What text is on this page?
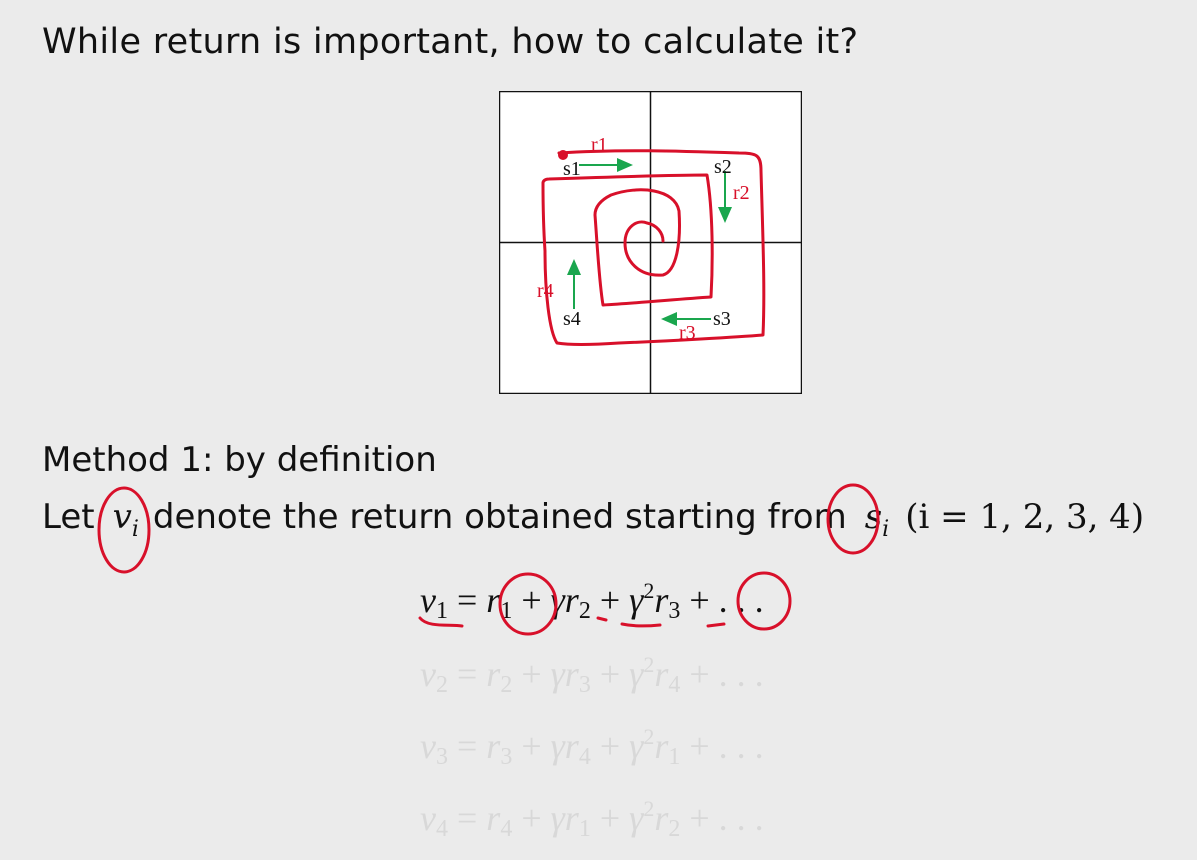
While return is important, how to calculate it?
s1	s2
s3
s4
r1
r2
r3
r4
Method 1: by definition
Let $v_i$ denote the return obtained starting from $s_i$ (i = 1, 2, 3, 4)
$v_1 = r_1 + \gamma r_2 + \gamma^2r_3$ + . . .
$v_2 = r_2 + \gamma r_3 + \gamma^2r_4$ + . . .
$v_3 = r_3 + \gamma r_4 + \gamma^2r_1$ + . . .
$v_4 = r_4 + \gamma r_1 + \gamma^2r_2$ + . . .
